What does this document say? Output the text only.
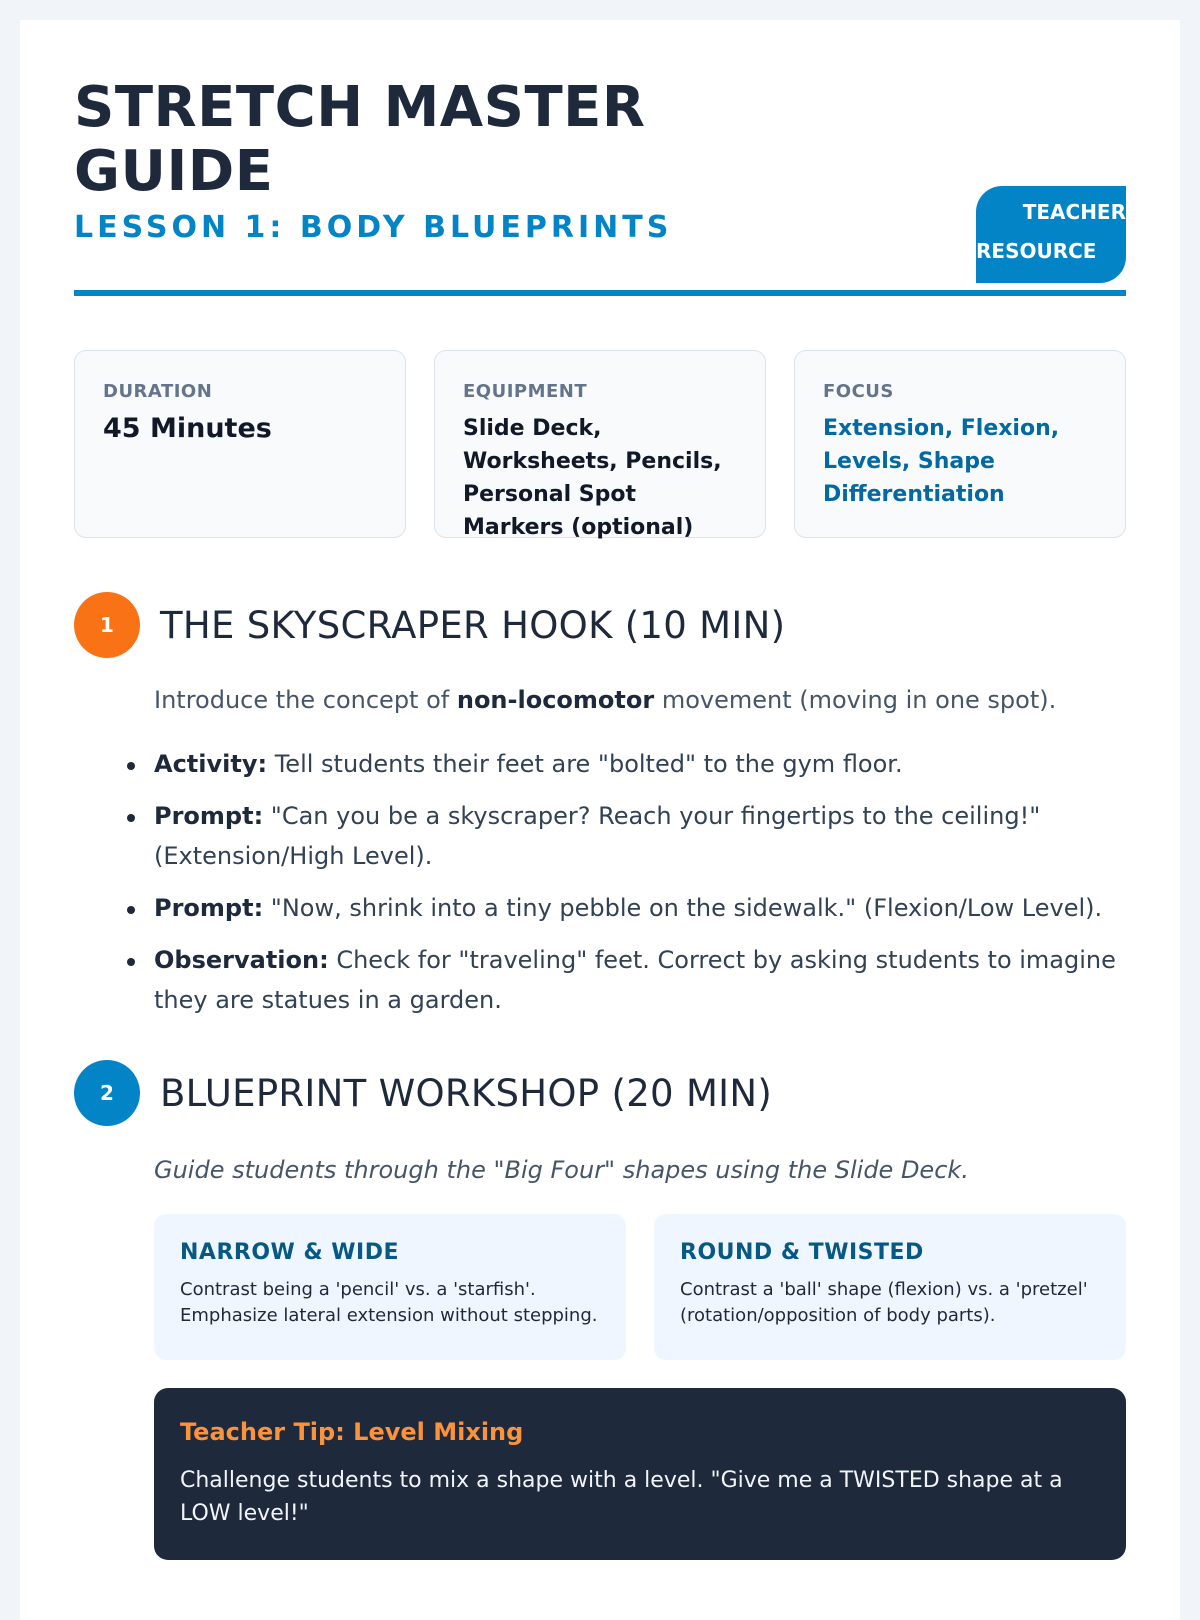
STRETCH MASTER GUIDE
LESSON 1: BODY BLUEPRINTS	TEACHER
RESOURCE
DURATION
45 Minutes
EQUIPMENT
Slide Deck, Worksheets, Pencils, Personal Spot Markers (optional)
FOCUS
Extension, Flexion, Levels, Shape Differentiation
1	THE SKYSCRAPER HOOK (10 MIN)

Introduce the concept of non-locomotor movement (moving in one spot).

Activity: Tell students their feet are "bolted" to the gym floor.
Prompt: "Can you be a skyscraper? Reach your fingertips to the ceiling!" (Extension/High Level).
Prompt: "Now, shrink into a tiny pebble on the sidewalk." (Flexion/Low Level).
Observation: Check for "traveling" feet. Correct by asking students to imagine they are statues in a garden.
2	BLUEPRINT WORKSHOP (20 MIN)

Guide students through the "Big Four" shapes using the Slide Deck.

NARROW & WIDE
Contrast being a 'pencil' vs. a 'starfish'. Emphasize lateral extension without stepping.
ROUND & TWISTED
Contrast a 'ball' shape (flexion) vs. a 'pretzel' (rotation/opposition of body parts).
Teacher Tip: Level Mixing
Challenge students to mix a shape with a level. "Give me a TWISTED shape at a LOW level!"
